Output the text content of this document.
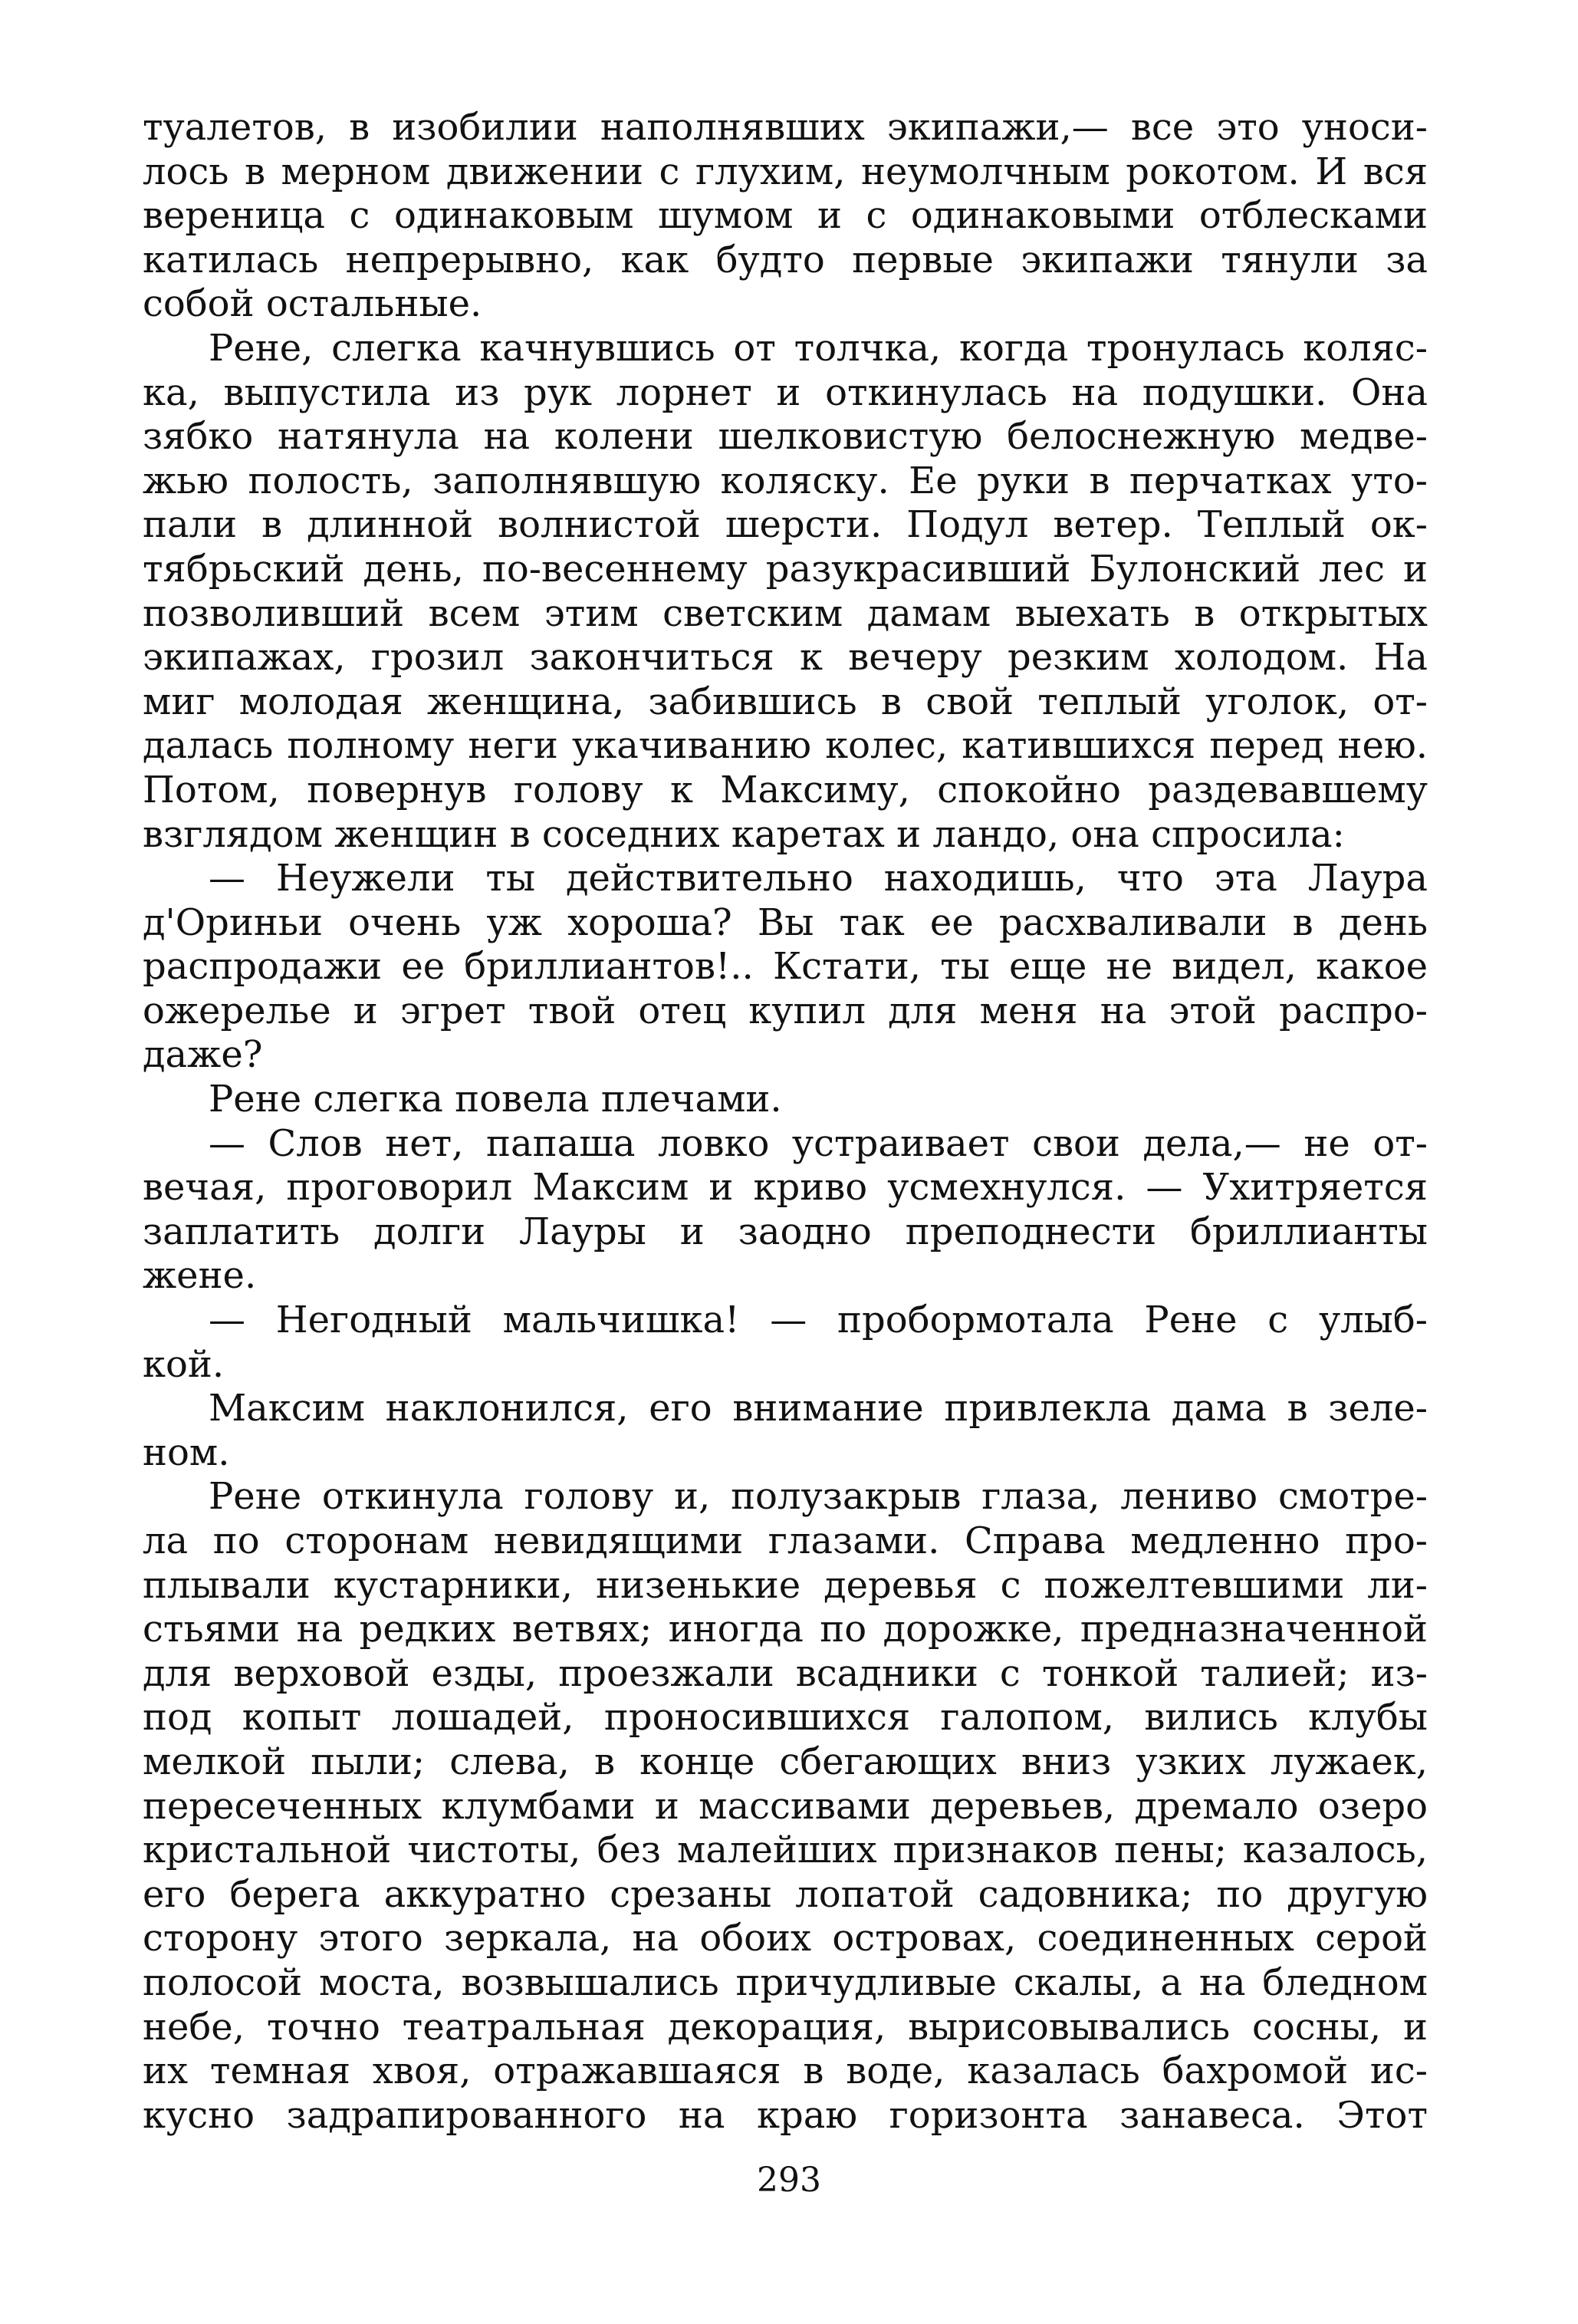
туалетов, в изобилии наполнявших экипажи,— все это уноси-
лось в мерном движении с глухим, неумолчным рокотом. И вся
вереница с одинаковым шумом и с одинаковыми отблесками
катилась непрерывно, как будто первые экипажи тянули за
собой остальные.
Рене, слегка качнувшись от толчка, когда тронулась коляс-
ка, выпустила из рук лорнет и откинулась на подушки. Она
зябко натянула на колени шелковистую белоснежную медве-
жью полость, заполнявшую коляску. Ее руки в перчатках уто-
пали в длинной волнистой шерсти. Подул ветер. Теплый ок-
тябрьский день, по-весеннему разукрасивший Булонский лес и
позволивший всем этим светским дамам выехать в открытых
экипажах, грозил закончиться к вечеру резким холодом. На
миг молодая женщина, забившись в свой теплый уголок, от-
далась полному неги укачиванию колес, катившихся перед нею.
Потом, повернув голову к Максиму, спокойно раздевавшему
взглядом женщин в соседних каретах и ландо, она спросила:
— Неужели ты действительно находишь, что эта Лаура
д'Ориньи очень уж хороша? Вы так ее расхваливали в день
распродажи ее бриллиантов!.. Кстати, ты еще не видел, какое
ожерелье и эгрет твой отец купил для меня на этой распро-
даже?
Рене слегка повела плечами.
— Слов нет, папаша ловко устраивает свои дела,— не от-
вечая, проговорил Максим и криво усмехнулся. — Ухитряется
заплатить долги Лауры и заодно преподнести бриллианты
жене.
— Негодный мальчишка! — пробормотала Рене с улыб-
кой.
Максим наклонился, его внимание привлекла дама в зеле-
ном.
Рене откинула голову и, полузакрыв глаза, лениво смотре-
ла по сторонам невидящими глазами. Справа медленно про-
плывали кустарники, низенькие деревья с пожелтевшими ли-
стьями на редких ветвях; иногда по дорожке, предназначенной
для верховой езды, проезжали всадники с тонкой талией; из-
под копыт лошадей, проносившихся галопом, вились клубы
мелкой пыли; слева, в конце сбегающих вниз узких лужаек,
пересеченных клумбами и массивами деревьев, дремало озеро
кристальной чистоты, без малейших признаков пены; казалось,
его берега аккуратно срезаны лопатой садовника; по другую
сторону этого зеркала, на обоих островах, соединенных серой
полосой моста, возвышались причудливые скалы, а на бледном
небе, точно театральная декорация, вырисовывались сосны, и
их темная хвоя, отражавшаяся в воде, казалась бахромой ис-
кусно задрапированного на краю горизонта занавеса. Этот
293
